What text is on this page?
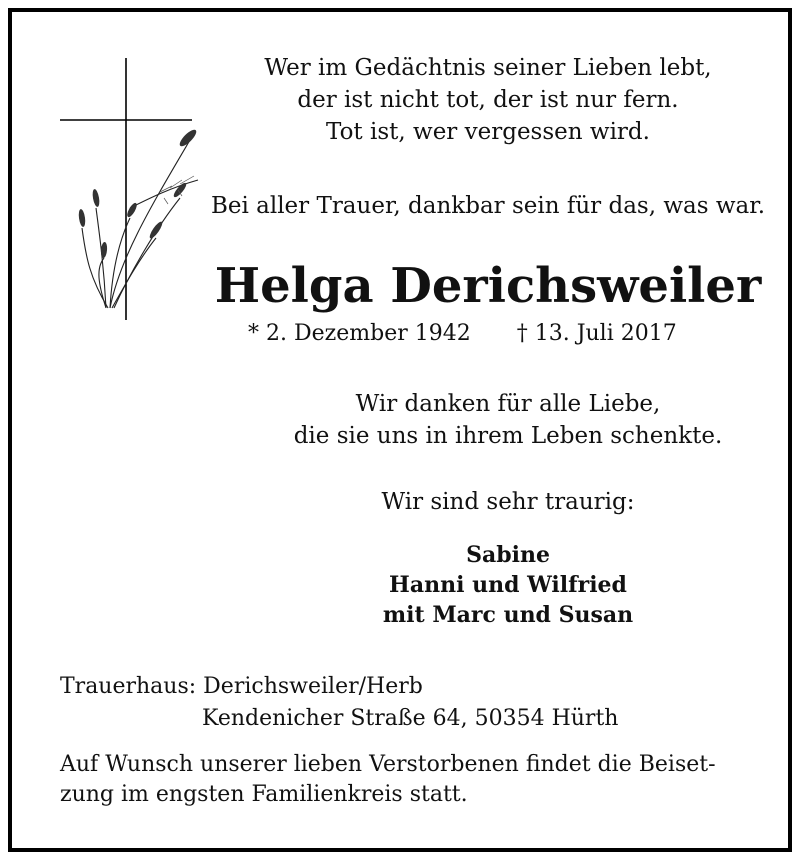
Wer im Gedächtnis seiner Lieben lebt,
der ist nicht tot, der ist nur fern.
Tot ist, wer vergessen wird.
Bei aller Trauer, dankbar sein für das, was war.
Helga Derichsweiler
* 2. Dezember 1942 † 13. Juli 2017
Wir danken für alle Liebe,
die sie uns in ihrem Leben schenkte.
Wir sind sehr traurig:
Sabine
Hanni und Wilfried
mit Marc und Susan
Trauerhaus: Derichsweiler/Herb
Kendenicher Straße 64, 50354 Hürth
Auf Wunsch unserer lieben Verstorbenen findet die Beiset-
zung im engsten Familienkreis statt.
